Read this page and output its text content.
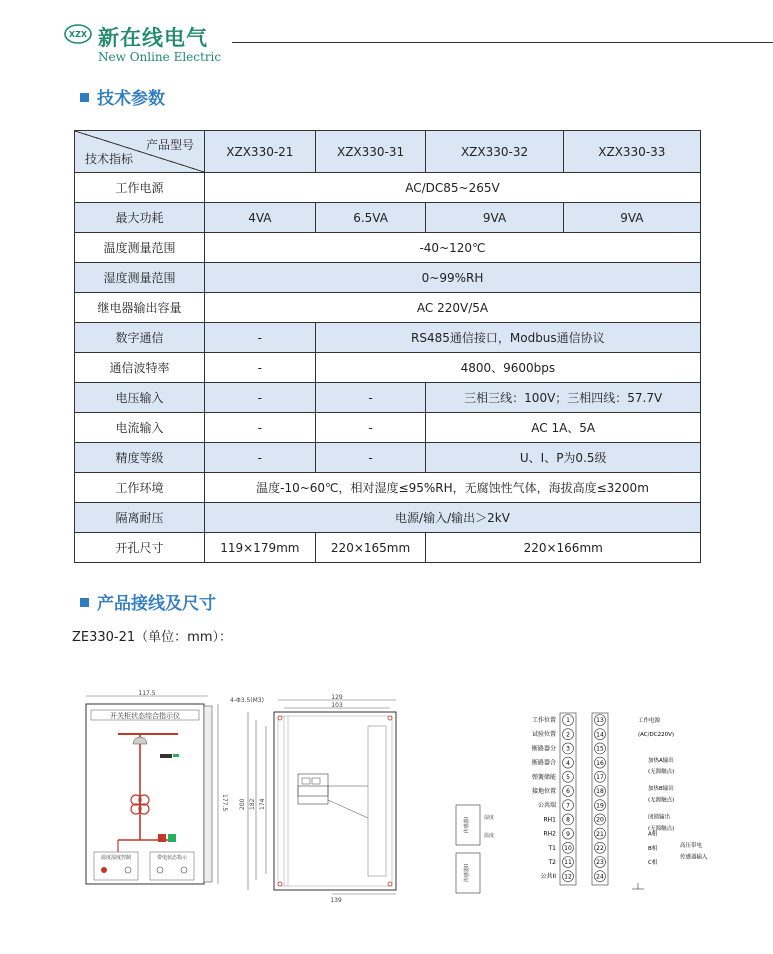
XZX 新在线电气
New Online Electric
技术参数
产品型号
技术指标	XZX330-21	XZX330-31	XZX330-32	XZX330-33
工作电源	AC/DC85~265V			
最大功耗	4VA	6.5VA	9VA	9VA
温度测量范围	-40~120℃			
湿度测量范围	0~99%RH			
继电器输出容量	AC 220V/5A			
数字通信	-	RS485通信接口，Modbus通信协议		
通信波特率	-	4800、9600bps		
电压输入	-	-	三相三线：100V；三相四线：57.7V	
电流输入	-	-	AC 1A、5A	
精度等级	-	-	U、I、P为0.5级	
工作环境	温度-10~60℃，相对湿度≤95%RH，无腐蚀性气体，海拔高度≤3200m			
隔离耐压	电源/输入/输出＞2kV			
开孔尺寸	119×179mm	220×165mm	220×166mm	
产品接线及尺寸
ZE330-21（单位：mm）：
117.5
177.5
开关柜状态综合指示仪
温度湿度控制	带电状态指示
4-Φ3.5(M3)	129
103
200 182 174
139
1
工作位置
2
试验位置
3
断路器分
4
断路器合
5
弹簧储能
6
接地位置
7
公共端
8
RH1
9
RH2
10
T1
11
T2
12
公共II
13
14
15
16
17
18
19
20
21
22
23
24
工作电源
(AC/DC220V)
加热A输出
(无源触点)
加热B输出
(无源触点)
闭锁输出
(无源触点)
A相
B相
C相
高压带电
传感器输入
传感器I
传感器II
湿度
温度
